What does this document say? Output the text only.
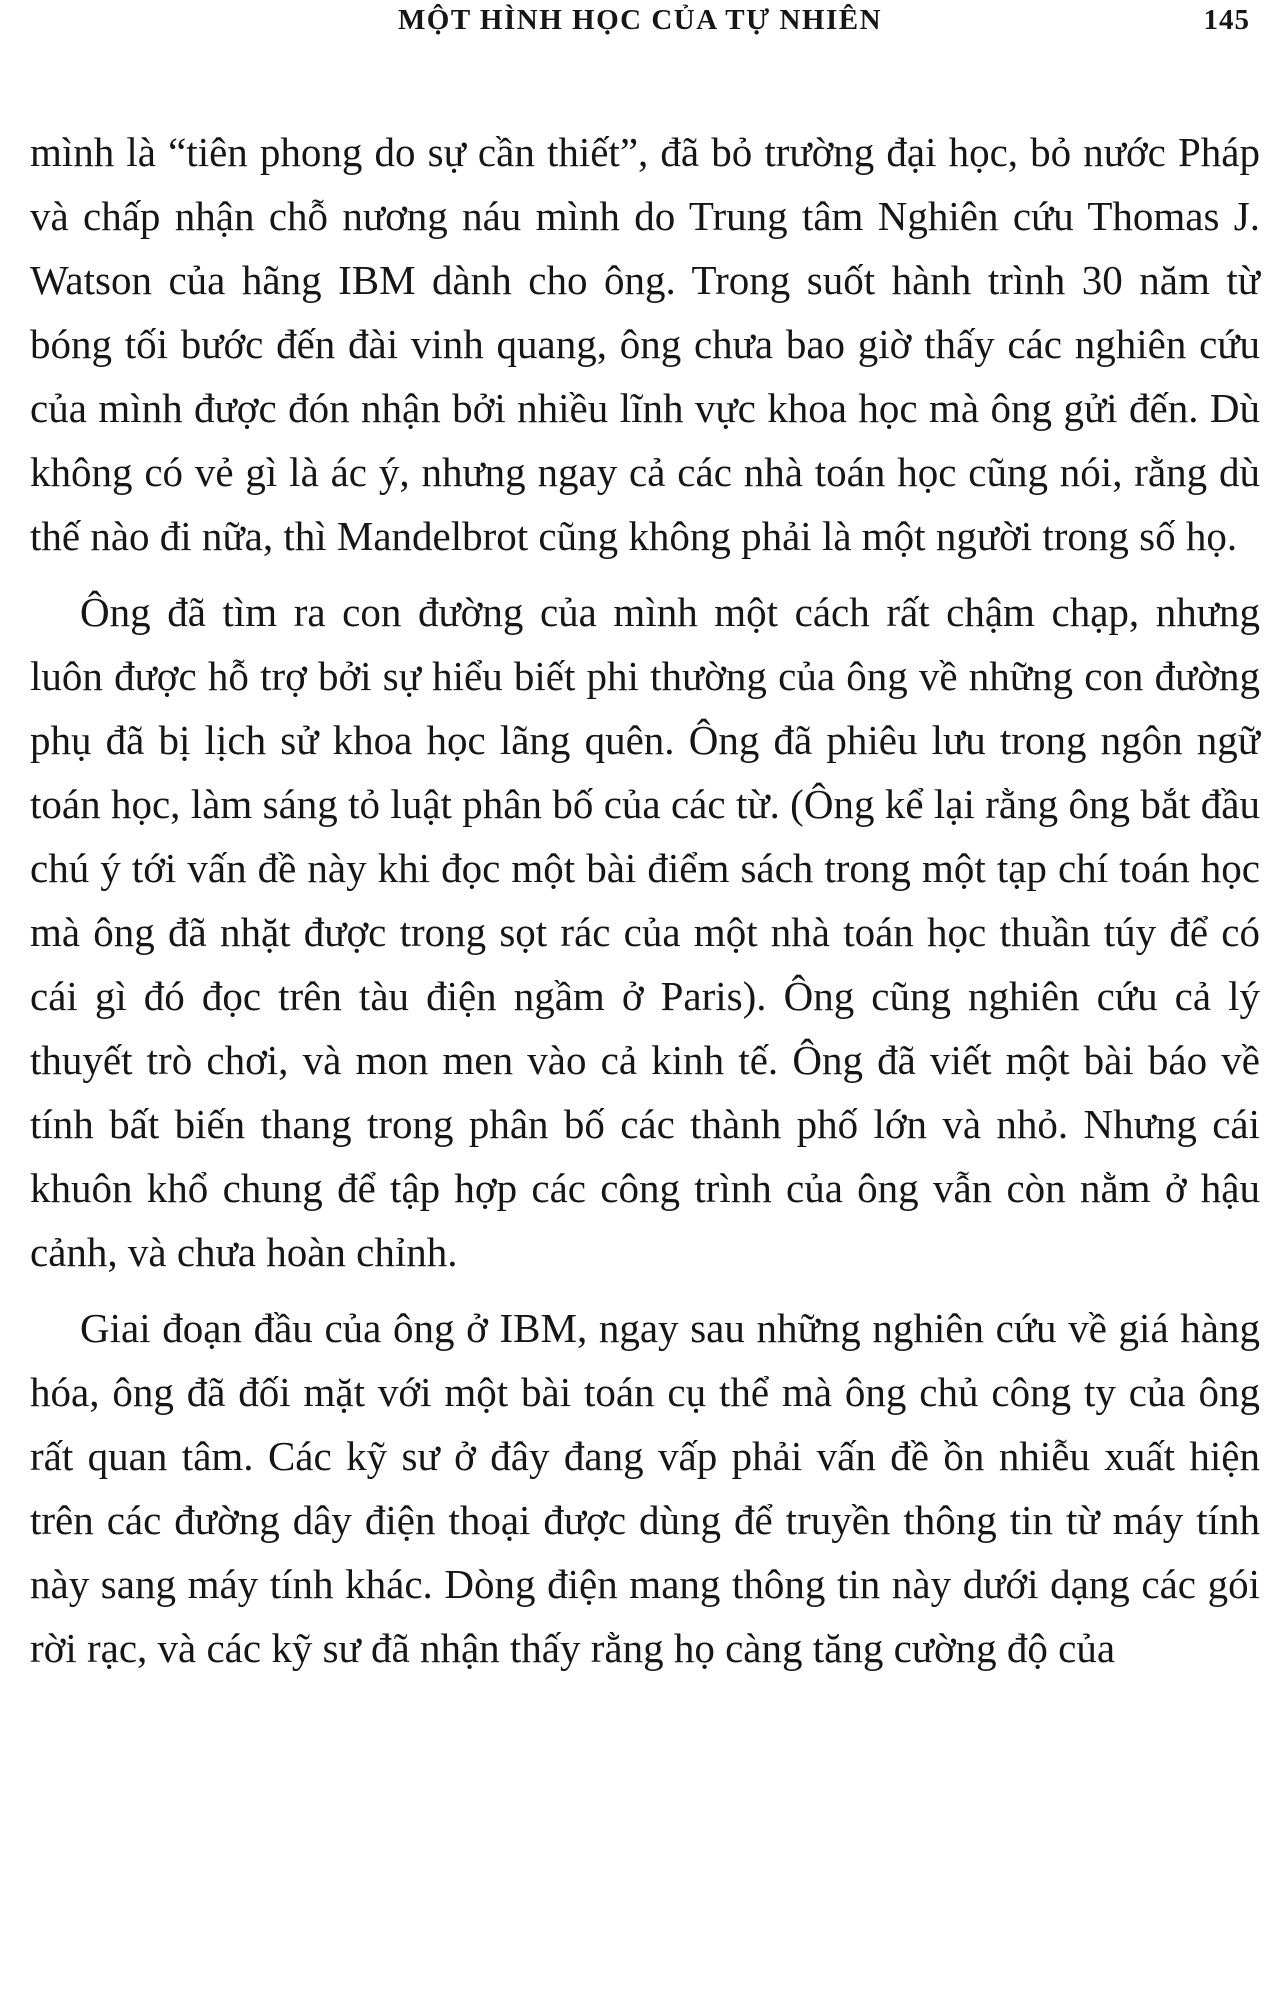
MỘT HÌNH HỌC CỦA TỰ NHIÊN	145

mình là “tiên phong do sự cần thiết”, đã bỏ trường đại học, bỏ nước Pháp và chấp nhận chỗ nương náu mình do Trung tâm Nghiên cứu Thomas J. Watson của hãng IBM dành cho ông. Trong suốt hành trình 30 năm từ bóng tối bước đến đài vinh quang, ông chưa bao giờ thấy các nghiên cứu của mình được đón nhận bởi nhiều lĩnh vực khoa học mà ông gửi đến. Dù không có vẻ gì là ác ý, nhưng ngay cả các nhà toán học cũng nói, rằng dù thế nào đi nữa, thì Mandelbrot cũng không phải là một người trong số họ.

Ông đã tìm ra con đường của mình một cách rất chậm chạp, nhưng luôn được hỗ trợ bởi sự hiểu biết phi thường của ông về những con đường phụ đã bị lịch sử khoa học lãng quên. Ông đã phiêu lưu trong ngôn ngữ toán học, làm sáng tỏ luật phân bố của các từ. (Ông kể lại rằng ông bắt đầu chú ý tới vấn đề này khi đọc một bài điểm sách trong một tạp chí toán học mà ông đã nhặt được trong sọt rác của một nhà toán học thuần túy để có cái gì đó đọc trên tàu điện ngầm ở Paris). Ông cũng nghiên cứu cả lý thuyết trò chơi, và mon men vào cả kinh tế. Ông đã viết một bài báo về tính bất biến thang trong phân bố các thành phố lớn và nhỏ. Nhưng cái khuôn khổ chung để tập hợp các công trình của ông vẫn còn nằm ở hậu cảnh, và chưa hoàn chỉnh.

Giai đoạn đầu của ông ở IBM, ngay sau những nghiên cứu về giá hàng hóa, ông đã đối mặt với một bài toán cụ thể mà ông chủ công ty của ông rất quan tâm. Các kỹ sư ở đây đang vấp phải vấn đề ồn nhiễu xuất hiện trên các đường dây điện thoại được dùng để truyền thông tin từ máy tính này sang máy tính khác. Dòng điện mang thông tin này dưới dạng các gói rời rạc, và các kỹ sư đã nhận thấy rằng họ càng tăng cường độ của
